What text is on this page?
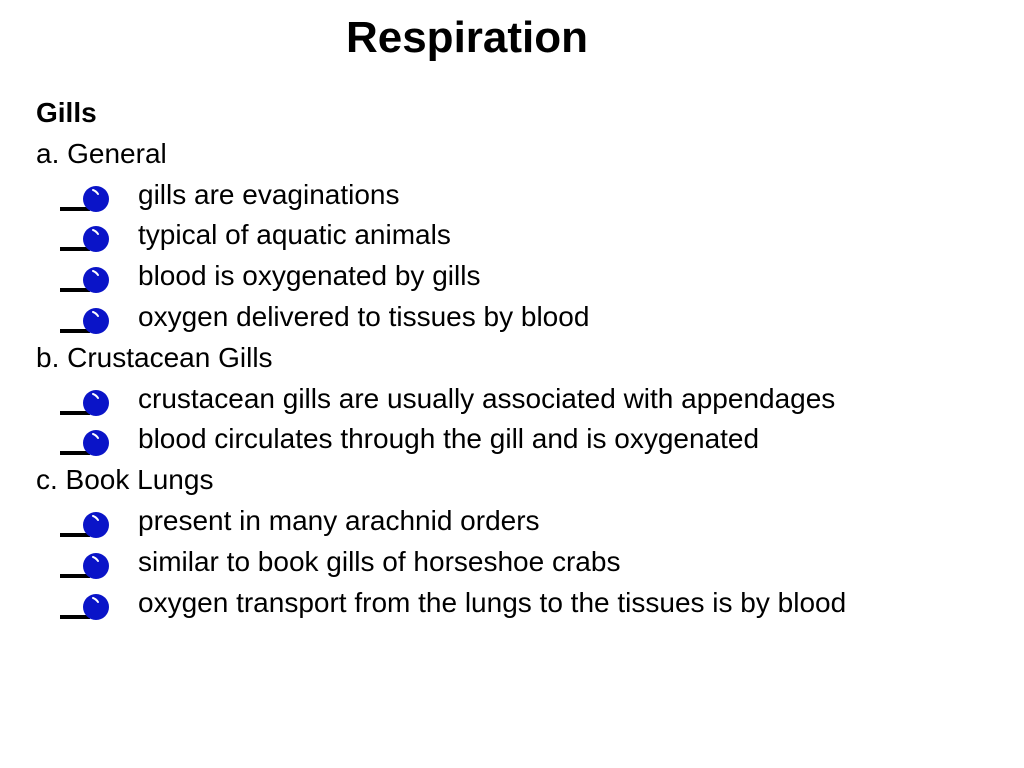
Respiration
Gills
a. General
gills are evaginations
typical of aquatic animals
blood is oxygenated by gills
oxygen delivered to tissues by blood
b. Crustacean Gills
crustacean gills are usually associated with appendages
blood circulates through the gill and is oxygenated
c. Book Lungs
present in many arachnid orders
similar to book gills of horseshoe crabs
oxygen transport from the lungs to the tissues is by blood
